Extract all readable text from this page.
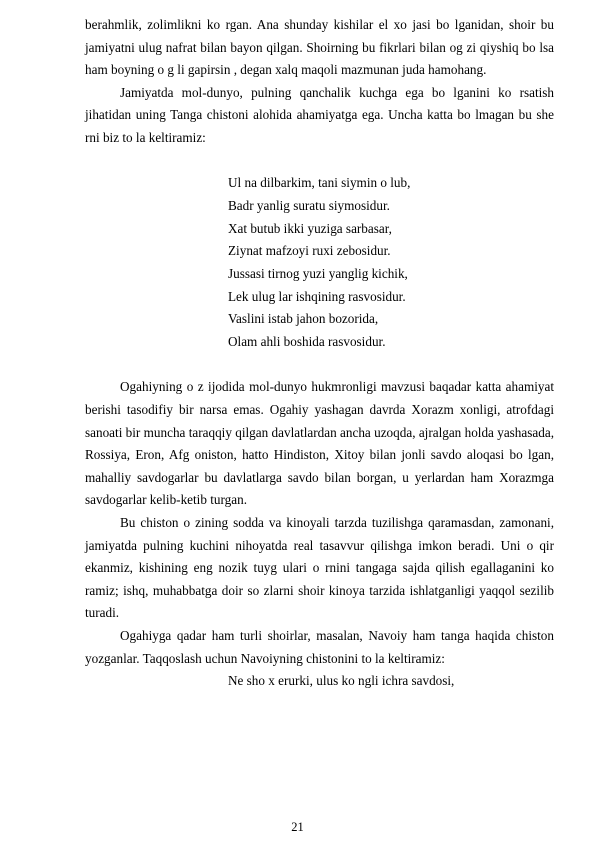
berahmlik, zolimlikni ko rgan. Ana shunday kishilar el xo jasi bo lganidan, shoir bu jamiyatni ulug nafrat bilan bayon qilgan. Shoirning bu fikrlari bilan og zi qiyshiq bo lsa ham boyning o g li gapirsin , degan xalq maqoli mazmunan juda hamohang.

Jamiyatda mol-dunyo, pulning qanchalik kuchga ega bo lganini ko rsatish jihatidan uning Tanga chistoni alohida ahamiyatga ega. Uncha katta bo lmagan bu she rni biz to la keltiramiz:

Ul na dilbarkim, tani siymin o lub,
Badr yanlig suratu siymosidur.
Xat butub ikki yuziga sarbasar,
Ziynat mafzoyi ruxi zebosidur.
Jussasi tirnog yuzi yanglig kichik,
Lek ulug lar ishqining rasvosidur.
Vaslini istab jahon bozorida,
Olam ahli boshida rasvosidur.

Ogahiyning o z ijodida mol-dunyo hukmronligi mavzusi baqadar katta ahamiyat berishi tasodifiy bir narsa emas. Ogahiy yashagan davrda Xorazm xonligi, atrofdagi sanoati bir muncha taraqqiy qilgan davlatlardan ancha uzoqda, ajralgan holda yashasada, Rossiya, Eron, Afg oniston, hatto Hindiston, Xitoy bilan jonli savdo aloqasi bo lgan, mahalliy savdogarlar bu davlatlarga savdo bilan borgan, u yerlardan ham Xorazmga savdogarlar kelib-ketib turgan.

Bu chiston o zining sodda va kinoyali tarzda tuzilishga qaramasdan, zamonani, jamiyatda pulning kuchini nihoyatda real tasavvur qilishga imkon beradi. Uni o qir ekanmiz, kishining eng nozik tuyg ulari o rnini tangaga sajda qilish egallaganini ko ramiz; ishq, muhabbatga doir so zlarni shoir kinoya tarzida ishlatganligi yaqqol sezilib turadi.

Ogahiyga qadar ham turli shoirlar, masalan, Navoiy ham tanga haqida chiston yozganlar. Taqqoslash uchun Navoiyning chistonini to la keltiramiz:

Ne sho x erurki, ulus ko ngli ichra savdosi,
21
